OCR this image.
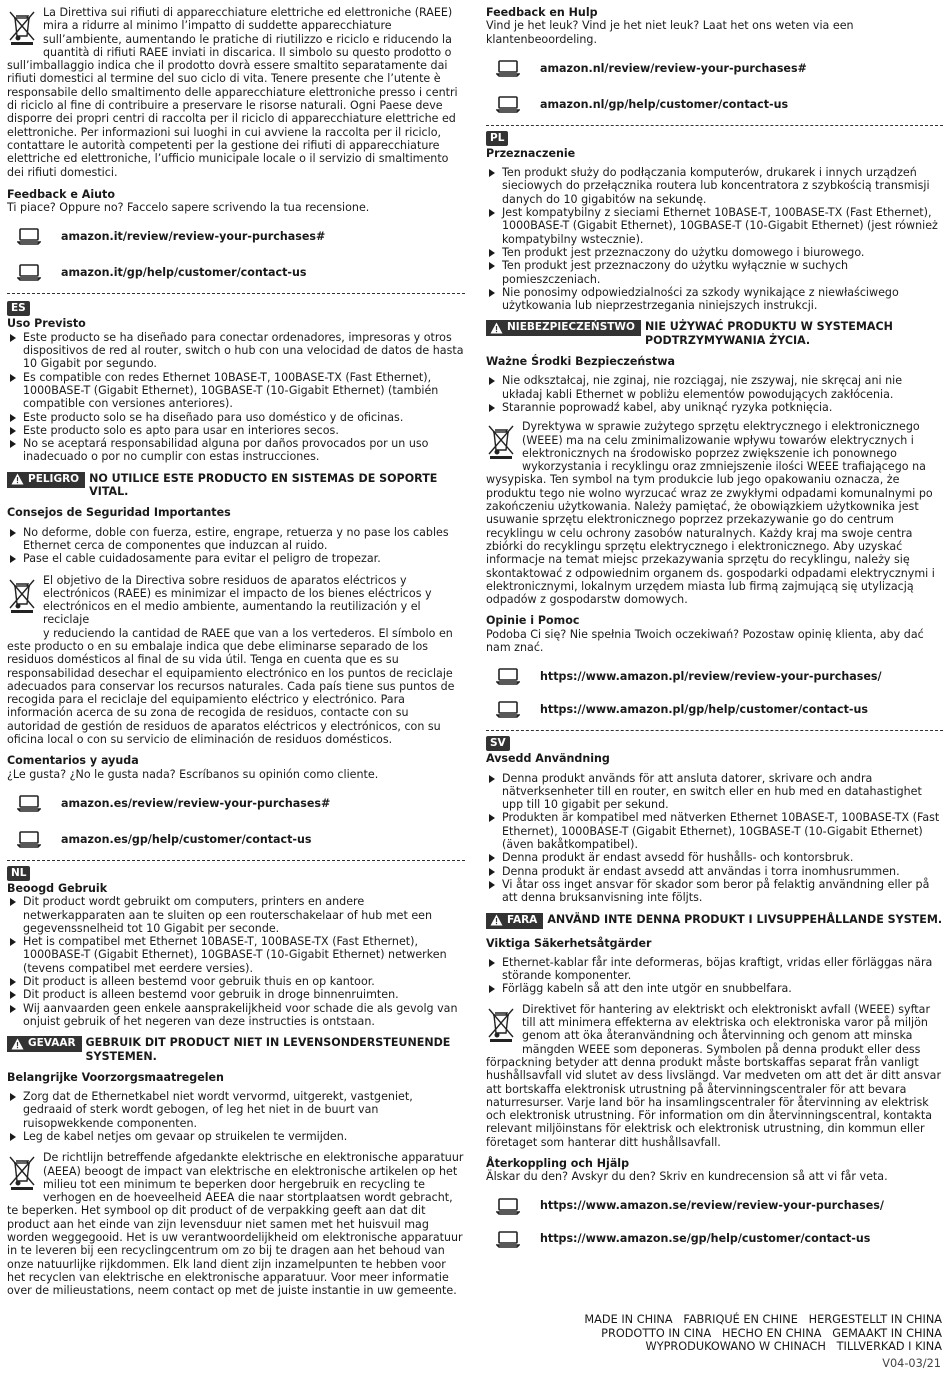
La Direttiva sui rifiuti di apparecchiature elettriche ed elettroniche (RAEE) mira a ridurre al minimo l’impatto di suddette apparecchiature sull’ambiente, aumentando le pratiche di riutilizzo e riciclo e riducendo la quantità di rifiuti RAEE inviati in discarica. Il simbolo su questo prodotto o sull’imballaggio indica che il prodotto dovrà essere smaltito separatamente dai rifiuti domestici al termine del suo ciclo di vita. Tenere presente che l’utente è responsabile dello smaltimento delle apparecchiature elettroniche presso i centri di riciclo al fine di contribuire a preservare le risorse naturali. Ogni Paese deve disporre dei propri centri di raccolta per il riciclo di apparecchiature elettriche ed elettroniche. Per informazioni sui luoghi in cui avviene la raccolta per il riciclo, contattare le autorità competenti per la gestione dei rifiuti di apparecchiature elettriche ed elettroniche, l’ufficio municipale locale o il servizio di smaltimento dei rifiuti domestici.

Feedback e Aiuto

Ti piace? Oppure no? Faccelo sapere scrivendo la tua recensione.

amazon.it/review/review-your-purchases#
amazon.it/gp/help/customer/contact-us
ES

Uso Previsto

Este producto se ha diseñado para conectar ordenadores, impresoras y otros dispositivos de red al router, switch o hub con una velocidad de datos de hasta 10 Gigabit por segundo.
Es compatible con redes Ethernet 10BASE-T, 100BASE-TX (Fast Ethernet), 1000BASE-T (Gigabit Ethernet), 10GBASE-T (10-Gigabit Ethernet) (también compatible con versiones anteriores).
Este producto solo se ha diseñado para uso doméstico y de oficinas.
Este producto solo es apto para usar en interiores secos.
No se aceptará responsabilidad alguna por daños provocados por un uso inadecuado o por no cumplir con estas instrucciones.
PELIGRO NO UTILICE ESTE PRODUCTO EN SISTEMAS DE SOPORTE VITAL.

Consejos de Seguridad Importantes

No deforme, doble con fuerza, estire, engrape, retuerza y no pase los cables Ethernet cerca de componentes que induzcan al ruido.
Pase el cable cuidadosamente para evitar el peligro de tropezar.

El objetivo de la Directiva sobre residuos de aparatos eléctricos y

electrónicos (RAEE) es minimizar el impacto de los bienes eléctricos y

electrónicos en el medio ambiente, aumentando la reutilización y el reciclaje

y reduciendo la cantidad de RAEE que van a los vertederos. El símbolo en

este producto o en su embalaje indica que debe eliminarse separado de los residuos domésticos al final de su vida útil. Tenga en cuenta que es su responsabilidad desechar el equipamiento electrónico en los puntos de reciclaje adecuados para conservar los recursos naturales. Cada país tiene sus puntos de recogida para el reciclaje del equipamiento eléctrico y electrónico. Para información acerca de su zona de recogida de residuos, contacte con su autoridad de gestión de residuos de aparatos eléctricos y electrónicos, con su oficina local o con su servicio de eliminación de residuos domésticos.

Comentarios y ayuda

¿Le gusta? ¿No le gusta nada? Escríbanos su opinión como cliente.

amazon.es/review/review-your-purchases#
amazon.es/gp/help/customer/contact-us
NL

Beoogd Gebruik

Dit product wordt gebruikt om computers, printers en andere netwerkapparaten aan te sluiten op een routerschakelaar of hub met een gegevenssnelheid tot 10 Gigabit per seconde.
Het is compatibel met Ethernet 10BASE-T, 100BASE-TX (Fast Ethernet), 1000BASE-T (Gigabit Ethernet), 10GBASE-T (10-Gigabit Ethernet) netwerken (tevens compatibel met eerdere versies).
Dit product is alleen bestemd voor gebruik thuis en op kantoor.
Dit product is alleen bestemd voor gebruik in droge binnenruimten.
Wij aanvaarden geen enkele aansprakelijkheid voor schade die als gevolg van onjuist gebruik of het negeren van deze instructies is ontstaan.
GEVAAR GEBRUIK DIT PRODUCT NIET IN LEVENSONDERSTEUNENDE SYSTEMEN.

Belangrijke Voorzorgsmaatregelen

Zorg dat de Ethernetkabel niet wordt vervormd, uitgerekt, vastgeniet, gedraaid of sterk wordt gebogen, of leg het niet in de buurt van ruisopwekkende componenten.
Leg de kabel netjes om gevaar op struikelen te vermijden.

De richtlijn betreffende afgedankte elektrische en elektronische apparatuur

(AEEA) beoogt de impact van elektrische en elektronische artikelen op het

milieu tot een minimum te beperken door hergebruik en recycling te

verhogen en de hoeveelheid AEEA die naar stortplaatsen wordt gebracht,

te beperken. Het symbool op dit product of de verpakking geeft aan dat dit product aan het einde van zijn levensduur niet samen met het huisvuil mag worden weggegooid. Het is uw verantwoordelijkheid om elektronische apparatuur in te leveren bij een recyclingcentrum om zo bij te dragen aan het behoud van onze natuurlijke rijkdommen. Elk land dient zijn inzamelpunten te hebben voor het recyclen van elektrische en elektronische apparatuur. Voor meer informatie over de milieustations, neem contact op met de juiste instantie in uw gemeente.

Feedback en Hulp

Vind je het leuk? Vind je het niet leuk? Laat het ons weten via een klantenbeoordeling.

amazon.nl/review/review-your-purchases#
amazon.nl/gp/help/customer/contact-us
PL

Przeznaczenie

Ten produkt służy do podłączania komputerów, drukarek i innych urządzeń sieciowych do przełącznika routera lub koncentratora z szybkością transmisji danych do 10 gigabitów na sekundę.
Jest kompatybilny z sieciami Ethernet 10BASE-T, 100BASE-TX (Fast Ethernet), 1000BASE-T (Gigabit Ethernet), 10GBASE-T (10-Gigabit Ethernet) (jest również kompatybilny wstecznie).
Ten produkt jest przeznaczony do użytku domowego i biurowego.
Ten produkt jest przeznaczony do użytku wyłącznie w suchych pomieszczeniach.
Nie ponosimy odpowiedzialności za szkody wynikające z niewłaściwego użytkowania lub nieprzestrzegania niniejszych instrukcji.
NIEBEZPIECZEŃSTWO NIE UŻYWAĆ PRODUKTU W SYSTEMACH PODTRZYMYWANIA ŻYCIA.

Ważne Środki Bezpieczeństwa

Nie odkształcaj, nie zginaj, nie rozciągaj, nie zszywaj, nie skręcaj ani nie układaj kabli Ethernet w pobliżu elementów powodujących zakłócenia.
Starannie poprowadź kabel, aby uniknąć ryzyka potknięcia.

Dyrektywa w sprawie zużytego sprzętu elektrycznego i elektronicznego

(WEEE) ma na celu zminimalizowanie wpływu towarów elektrycznych i

elektronicznych na środowisko poprzez zwiększenie ich ponownego

wykorzystania i recyklingu oraz zmniejszenie ilości WEEE trafiającego na

wysypiska. Ten symbol na tym produkcie lub jego opakowaniu oznacza, że produktu tego nie wolno wyrzucać wraz ze zwykłymi odpadami komunalnymi po zakończeniu użytkowania. Należy pamiętać, że obowiązkiem użytkownika jest usuwanie sprzętu elektronicznego poprzez przekazywanie go do centrum recyklingu w celu ochrony zasobów naturalnych. Każdy kraj ma swoje centra zbiórki do recyklingu sprzętu elektrycznego i elektronicznego. Aby uzyskać informacje na temat miejsc przekazywania sprzętu do recyklingu, należy się skontaktować z odpowiednim organem ds. gospodarki odpadami elektrycznymi i elektronicznymi, lokalnym urzędem miasta lub firmą zajmującą się utylizacją odpadów z gospodarstw domowych.

Opinie i Pomoc

Podoba Ci się? Nie spełnia Twoich oczekiwań? Pozostaw opinię klienta, aby dać nam znać.

https://www.amazon.pl/review/review-your-purchases/
https://www.amazon.pl/gp/help/customer/contact-us
SV

Avsedd Användning

Denna produkt används för att ansluta datorer, skrivare och andra nätverksenheter till en router, en switch eller en hub med en datahastighet upp till 10 gigabit per sekund.
Produkten är kompatibel med nätverken Ethernet 10BASE-T, 100BASE-TX (Fast Ethernet), 1000BASE-T (Gigabit Ethernet), 10GBASE-T (10-Gigabit Ethernet) (även bakåtkompatibel).
Denna produkt är endast avsedd för hushålls- och kontorsbruk.
Denna produkt är endast avsedd att användas i torra inomhusrummen.
Vi åtar oss inget ansvar för skador som beror på felaktig användning eller på att denna bruksanvisning inte följts.
FARA ANVÄND INTE DENNA PRODUKT I LIVSUPPEHÅLLANDE SYSTEM.

Viktiga Säkerhetsåtgärder

Ethernet-kablar får inte deformeras, böjas kraftigt, vridas eller förläggas nära störande komponenter.
Förlägg kabeln så att den inte utgör en snubbelfara.

Direktivet för hantering av elektriskt och elektroniskt avfall (WEEE) syftar

till att minimera effekterna av elektriska och elektroniska varor på miljön

genom att öka återanvändning och återvinning och genom att minska

mängden WEEE som deponeras. Symbolen på denna produkt eller dess

förpackning betyder att denna produkt måste bortskaffas separat från vanligt hushållsavfall vid slutet av dess livslängd. Var medveten om att det är ditt ansvar att bortskaffa elektronisk utrustning på återvinningscentraler för att bevara naturresurser. Varje land bör ha insamlingscentraler för återvinning av elektrisk och elektronisk utrustning. För information om din återvinningscentral, kontakta relevant miljöinstans för elektrisk och elektronisk utrustning, din kommun eller företaget som hanterar ditt hushållsavfall.

Återkoppling och Hjälp

Älskar du den? Avskyr du den? Skriv en kundrecension så att vi får veta.

https://www.amazon.se/review/review-your-purchases/
https://www.amazon.se/gp/help/customer/contact-us
MADE IN CHINA   FABRIQUÉ EN CHINE   HERGESTELLT IN CHINA
PRODOTTO IN CINA   HECHO EN CHINA   GEMAAKT IN CHINA
WYPRODUKOWANO W CHINACH   TILLVERKAD I KINA
V04-03/21
